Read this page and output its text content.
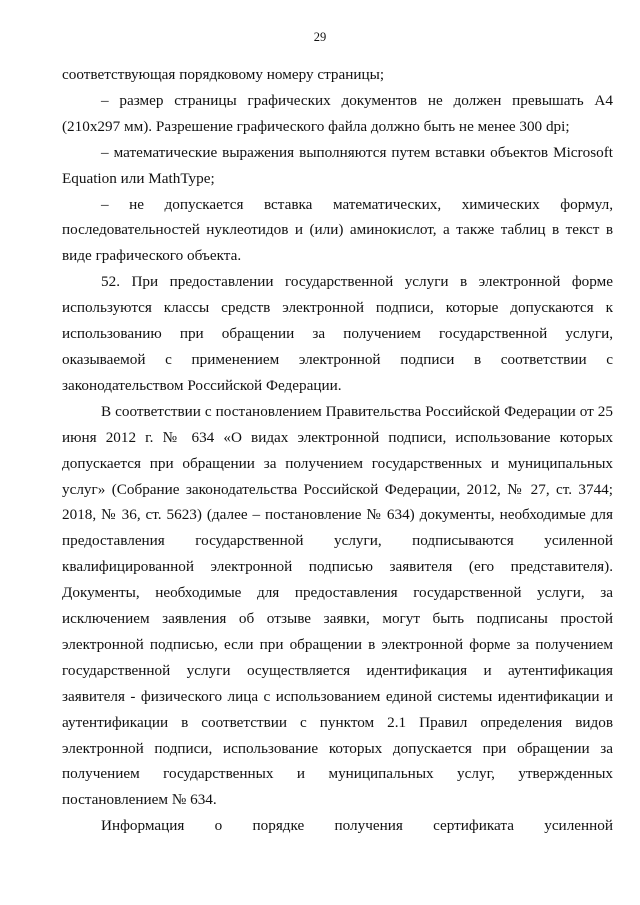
29

соответствующая порядковому номеру страницы;

– размер страницы графических документов не должен превышать А4 (210x297 мм). Разрешение графического файла должно быть не менее 300 dpi;

– математические выражения выполняются путем вставки объектов Microsoft Equation или MathType;

– не допускается вставка математических, химических формул, последовательностей нуклеотидов и (или) аминокислот, а также таблиц в текст в виде графического объекта.

52. При предоставлении государственной услуги в электронной форме используются классы средств электронной подписи, которые допускаются к использованию при обращении за получением государственной услуги, оказываемой с применением электронной подписи в соответствии с законодательством Российской Федерации.

В соответствии с постановлением Правительства Российской Федерации от 25 июня 2012 г. № 634 «О видах электронной подписи, использование которых допускается при обращении за получением государственных и муниципальных услуг» (Собрание законодательства Российской Федерации, 2012, № 27, ст. 3744; 2018, № 36, ст. 5623) (далее – постановление № 634) документы, необходимые для предоставления государственной услуги, подписываются усиленной квалифицированной электронной подписью заявителя (его представителя). Документы, необходимые для предоставления государственной услуги, за исключением заявления об отзыве заявки, могут быть подписаны простой электронной подписью, если при обращении в электронной форме за получением государственной услуги осуществляется идентификация и аутентификация заявителя - физического лица с использованием единой системы идентификации и аутентификации в соответствии с пунктом 2.1 Правил определения видов электронной подписи, использование которых допускается при обращении за получением государственных и муниципальных услуг, утвержденных постановлением № 634.

Информация о порядке получения сертификата усиленной
